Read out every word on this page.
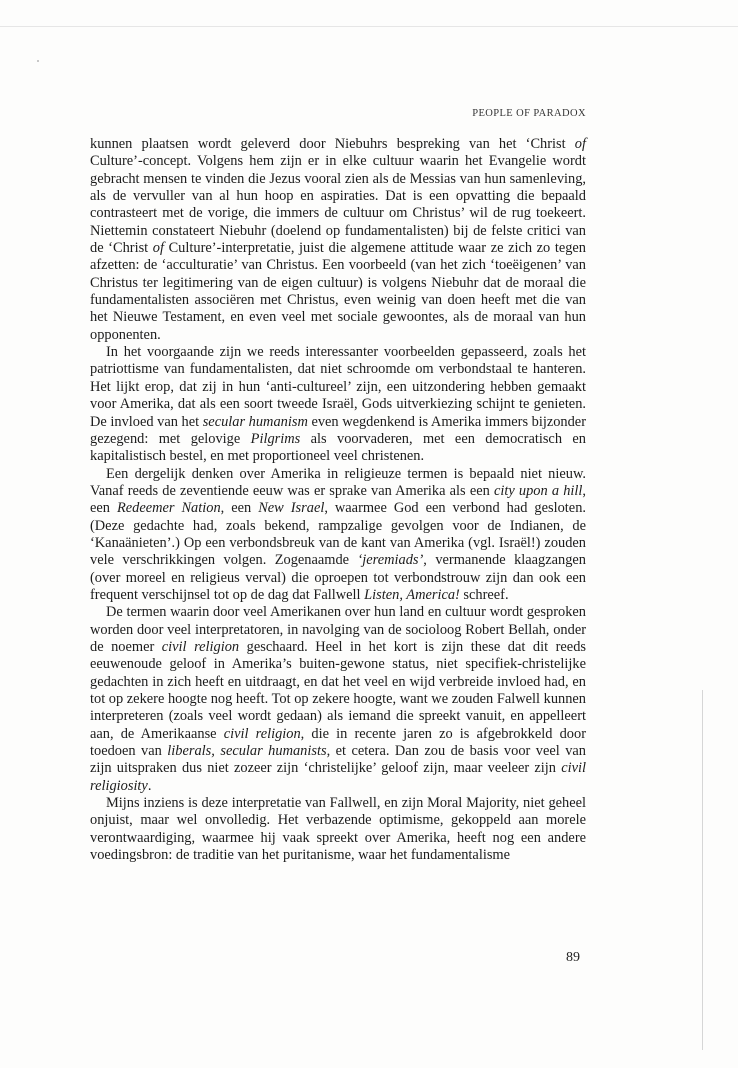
PEOPLE OF PARADOX

kunnen plaatsen wordt geleverd door Niebuhrs bespreking van het ‘Christ of Culture’-concept. Volgens hem zijn er in elke cultuur waarin het Evangelie wordt gebracht mensen te vinden die Jezus vooral zien als de Messias van hun samenleving, als de vervuller van al hun hoop en aspiraties. Dat is een opvatting die bepaald contrasteert met de vorige, die immers de cultuur om Christus’ wil de rug toekeert. Niettemin constateert Niebuhr (doelend op fundamentalisten) bij de felste critici van de ‘Christ of Culture’-interpretatie, juist die algemene attitude waar ze zich zo tegen afzetten: de ‘acculturatie’ van Christus. Een voorbeeld (van het zich ‘toeëigenen’ van Christus ter legitimering van de eigen cultuur) is volgens Niebuhr dat de moraal die fundamentalisten associëren met Christus, even weinig van doen heeft met die van het Nieuwe Testament, en even veel met sociale gewoontes, als de moraal van hun opponenten.

In het voorgaande zijn we reeds interessanter voorbeelden gepasseerd, zoals het patriottisme van fundamentalisten, dat niet schroomde om verbondstaal te hanteren. Het lijkt erop, dat zij in hun ‘anti-cultureel’ zijn, een uitzondering hebben gemaakt voor Amerika, dat als een soort tweede Israël, Gods uitverkiezing schijnt te genieten. De invloed van het secular humanism even wegdenkend is Amerika immers bijzonder gezegend: met gelovige Pilgrims als voorvaderen, met een democratisch en kapitalistisch bestel, en met proportioneel veel christenen.

Een dergelijk denken over Amerika in religieuze termen is bepaald niet nieuw. Vanaf reeds de zeventiende eeuw was er sprake van Amerika als een city upon a hill, een Redeemer Nation, een New Israel, waarmee God een verbond had gesloten. (Deze gedachte had, zoals bekend, rampzalige gevolgen voor de Indianen, de ‘Kanaänieten’.) Op een verbondsbreuk van de kant van Amerika (vgl. Israël!) zouden vele verschrikkingen volgen. Zogenaamde ‘jeremiads’, vermanende klaagzangen (over moreel en religieus verval) die oproepen tot verbondstrouw zijn dan ook een frequent verschijnsel tot op de dag dat Fallwell Listen, America! schreef.

De termen waarin door veel Amerikanen over hun land en cultuur wordt gesproken worden door veel interpretatoren, in navolging van de socioloog Robert Bellah, onder de noemer civil religion geschaard. Heel in het kort is zijn these dat dit reeds eeuwenoude geloof in Amerika’s buiten-gewone status, niet specifiek-christelijke gedachten in zich heeft en uitdraagt, en dat het veel en wijd verbreide invloed had, en tot op zekere hoogte nog heeft. Tot op zekere hoogte, want we zouden Falwell kunnen interpreteren (zoals veel wordt gedaan) als iemand die spreekt vanuit, en appelleert aan, de Amerikaanse civil religion, die in recente jaren zo is afgebrokkeld door toedoen van liberals, secular humanists, et cetera. Dan zou de basis voor veel van zijn uitspraken dus niet zozeer zijn ‘christelijke’ geloof zijn, maar veeleer zijn civil religiosity.

Mijns inziens is deze interpretatie van Fallwell, en zijn Moral Majority, niet geheel onjuist, maar wel onvolledig. Het verbazende optimisme, gekoppeld aan morele verontwaardiging, waarmee hij vaak spreekt over Amerika, heeft nog een andere voedingsbron: de traditie van het puritanisme, waar het fundamentalisme

89
